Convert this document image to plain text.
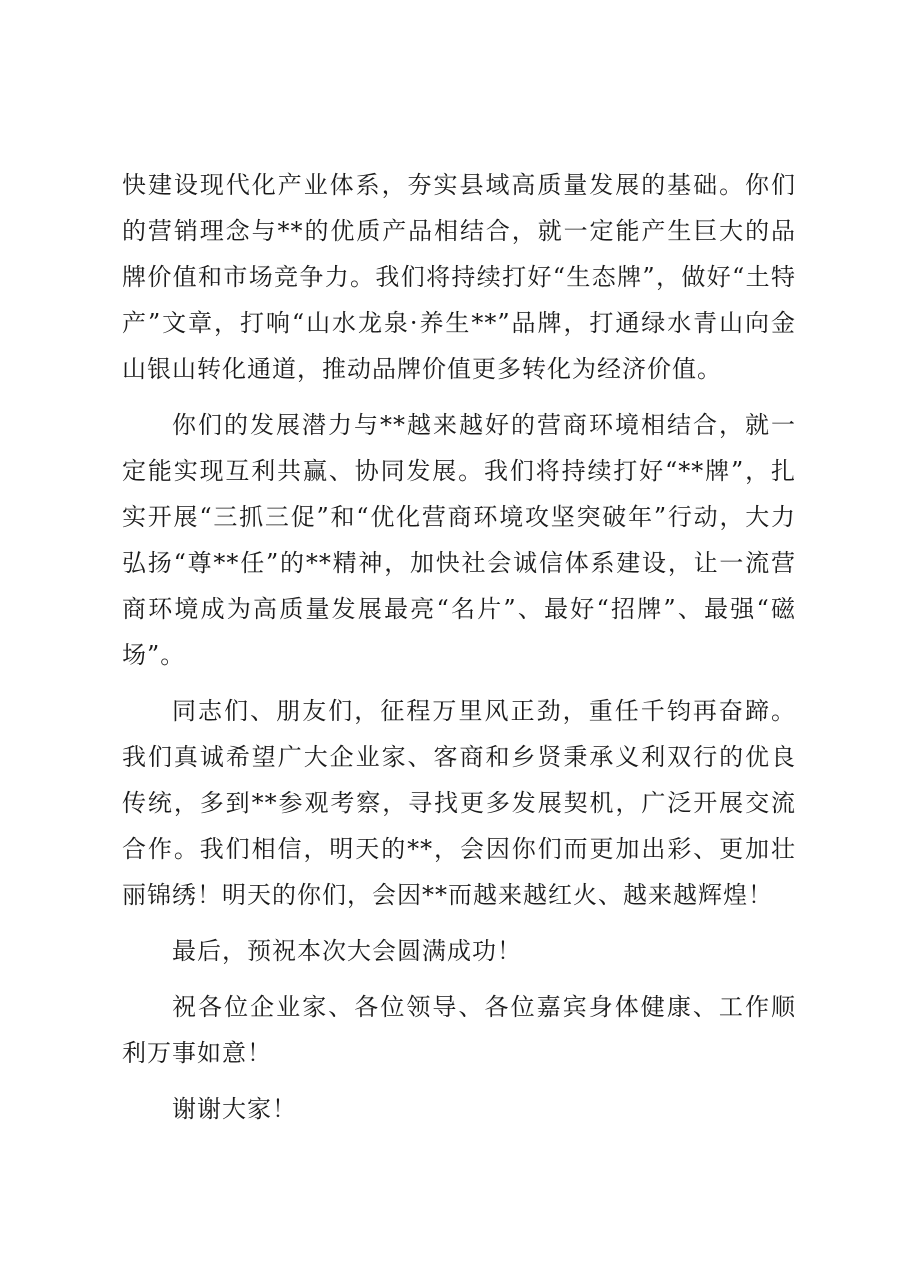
快建设现代化产业体系，夯实县域高质量发展的基础。你们的营销理念与**的优质产品相结合，就一定能产生巨大的品牌价值和市场竞争力。我们将持续打好“生态牌”，做好“土特产”文章，打响“山水龙泉·养生**”品牌，打通绿水青山向金山银山转化通道，推动品牌价值更多转化为经济价值。

你们的发展潜力与**越来越好的营商环境相结合，就一定能实现互利共赢、协同发展。我们将持续打好“**牌”，扎实开展“三抓三促”和“优化营商环境攻坚突破年”行动，大力弘扬“尊**任”的**精神，加快社会诚信体系建设，让一流营商环境成为高质量发展最亮“名片”、最好“招牌”、最强“磁场”。

同志们、朋友们，征程万里风正劲，重任千钧再奋蹄。我们真诚希望广大企业家、客商和乡贤秉承义利双行的优良传统，多到**参观考察，寻找更多发展契机，广泛开展交流合作。我们相信，明天的**，会因你们而更加出彩、更加壮丽锦绣！明天的你们，会因**而越来越红火、越来越辉煌！

最后，预祝本次大会圆满成功！

祝各位企业家、各位领导、各位嘉宾身体健康、工作顺利万事如意！

谢谢大家！
